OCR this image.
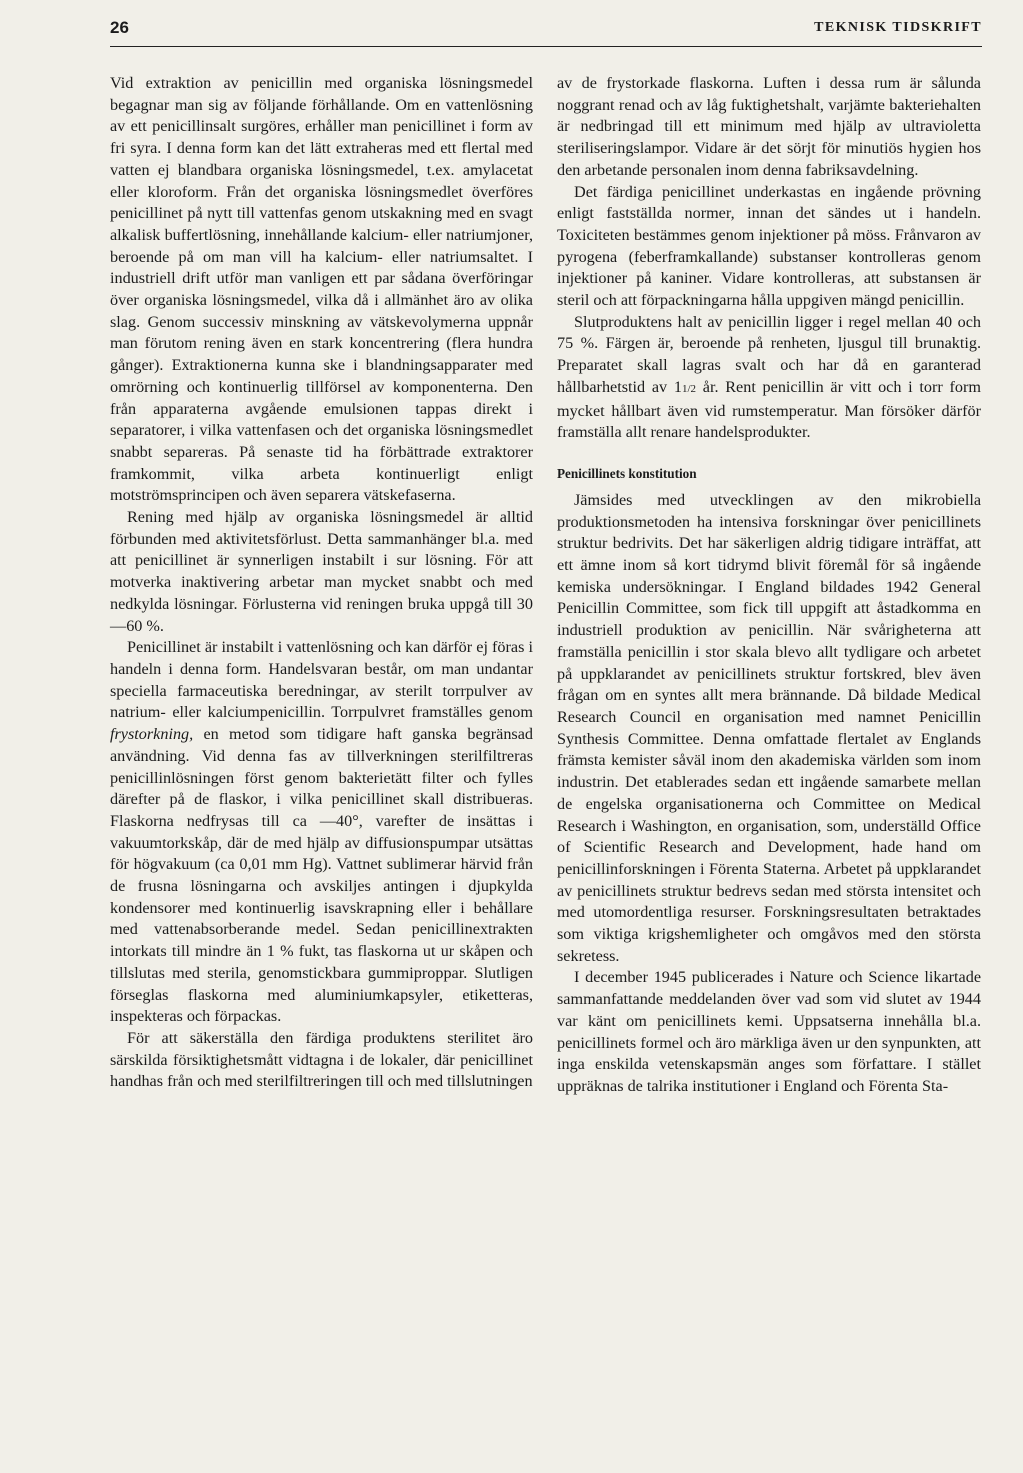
26	TEKNISK TIDSKRIFT

Vid extraktion av penicillin med organiska lösningsmedel begagnar man sig av följande förhållande. Om en vattenlösning av ett penicillinsalt surgöres, erhåller man penicillinet i form av fri syra. I denna form kan det lätt extraheras med ett flertal med vatten ej blandbara organiska lösningsmedel, t.ex. amylacetat eller kloroform. Från det organiska lösningsmedlet överföres penicillinet på nytt till vattenfas genom utskakning med en svagt alkalisk buffertlösning, innehållande kalcium- eller natriumjoner, beroende på om man vill ha kalcium- eller natriumsaltet. I industriell drift utför man vanligen ett par sådana överföringar över organiska lösningsmedel, vilka då i allmänhet äro av olika slag. Genom successiv minskning av vätskevolymerna uppnår man förutom rening även en stark koncentrering (flera hundra gånger). Extraktionerna kunna ske i blandningsapparater med omrörning och kontinuerlig tillförsel av komponenterna. Den från apparaterna avgående emulsionen tappas direkt i separatorer, i vilka vattenfasen och det organiska lösningsmedlet snabbt separeras. På senaste tid ha förbättrade extraktorer framkommit, vilka arbeta kontinuerligt enligt motströmsprincipen och även separera vätskefaserna.

Rening med hjälp av organiska lösningsmedel är alltid förbunden med aktivitetsförlust. Detta sammanhänger bl.a. med att penicillinet är synnerligen instabilt i sur lösning. För att motverka inaktivering arbetar man mycket snabbt och med nedkylda lösningar. Förlusterna vid reningen bruka uppgå till 30—60 %.

Penicillinet är instabilt i vattenlösning och kan därför ej föras i handeln i denna form. Handelsvaran består, om man undantar speciella farmaceutiska beredningar, av sterilt torrpulver av natrium- eller kalciumpenicillin. Torrpulvret framställes genom frystorkning, en metod som tidigare haft ganska begränsad användning. Vid denna fas av tillverkningen sterilfiltreras penicillinlösningen först genom bakterietätt filter och fylles därefter på de flaskor, i vilka penicillinet skall distribueras. Flaskorna nedfrysas till ca —40°, varefter de insättas i vakuumtorkskåp, där de med hjälp av diffusionspumpar utsättas för högvakuum (ca 0,01 mm Hg). Vattnet sublimerar härvid från de frusna lösningarna och avskiljes antingen i djupkylda kondensorer med kontinuerlig isavskrapning eller i behållare med vattenabsorberande medel. Sedan penicillinextrakten intorkats till mindre än 1 % fukt, tas flaskorna ut ur skåpen och tillslutas med sterila, genomstickbara gummiproppar. Slutligen förseglas flaskorna med aluminiumkapsyler, etiketteras, inspekteras och förpackas.

För att säkerställa den färdiga produktens sterilitet äro särskilda försiktighetsmått vidtagna i de lokaler, där penicillinet handhas från och med sterilfiltreringen till och med tillslutningen

av de frystorkade flaskorna. Luften i dessa rum är sålunda noggrant renad och av låg fuktighetshalt, varjämte bakteriehalten är nedbringad till ett minimum med hjälp av ultravioletta steriliseringslampor. Vidare är det sörjt för minutiös hygien hos den arbetande personalen inom denna fabriksavdelning.

Det färdiga penicillinet underkastas en ingående prövning enligt fastställda normer, innan det sändes ut i handeln. Toxiciteten bestämmes genom injektioner på möss. Frånvaron av pyrogena (feberframkallande) substanser kontrolleras genom injektioner på kaniner. Vidare kontrolleras, att substansen är steril och att förpackningarna hålla uppgiven mängd penicillin.

Slutproduktens halt av penicillin ligger i regel mellan 40 och 75 %. Färgen är, beroende på renheten, ljusgul till brunaktig. Preparatet skall lagras svalt och har då en garanterad hållbarhetstid av 11/2 år. Rent penicillin är vitt och i torr form mycket hållbart även vid rumstemperatur. Man försöker därför framställa allt renare handelsprodukter.

Penicillinets konstitution

Jämsides med utvecklingen av den mikrobiella produktionsmetoden ha intensiva forskningar över penicillinets struktur bedrivits. Det har säkerligen aldrig tidigare inträffat, att ett ämne inom så kort tidrymd blivit föremål för så ingående kemiska undersökningar. I England bildades 1942 General Penicillin Committee, som fick till uppgift att åstadkomma en industriell produktion av penicillin. När svårigheterna att framställa penicillin i stor skala blevo allt tydligare och arbetet på uppklarandet av penicillinets struktur fortskred, blev även frågan om en syntes allt mera brännande. Då bildade Medical Research Council en organisation med namnet Penicillin Synthesis Committee. Denna omfattade flertalet av Englands främsta kemister såväl inom den akademiska världen som inom industrin. Det etablerades sedan ett ingående samarbete mellan de engelska organisationerna och Committee on Medical Research i Washington, en organisation, som, underställd Office of Scientific Research and Development, hade hand om penicillinforskningen i Förenta Staterna. Arbetet på uppklarandet av penicillinets struktur bedrevs sedan med största intensitet och med utomordentliga resurser. Forskningsresultaten betraktades som viktiga krigshemligheter och omgåvos med den största sekretess.

I december 1945 publicerades i Nature och Science likartade sammanfattande meddelanden över vad som vid slutet av 1944 var känt om penicillinets kemi. Uppsatserna innehålla bl.a. penicillinets formel och äro märkliga även ur den synpunkten, att inga enskilda vetenskapsmän anges som författare. I stället uppräknas de talrika institutioner i England och Förenta Sta-
